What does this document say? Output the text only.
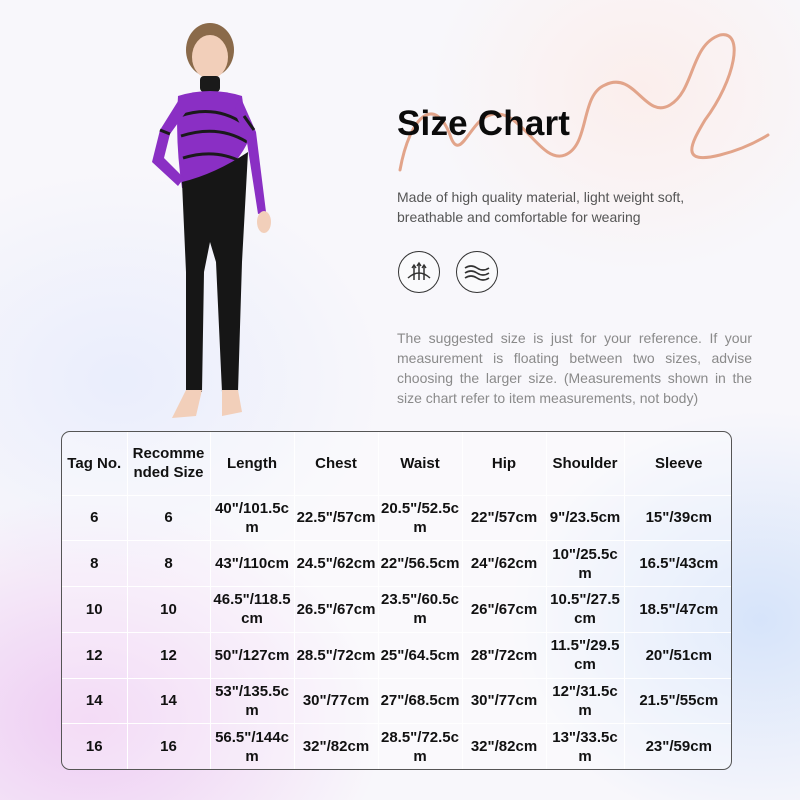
Size Chart
Made of high quality material, light weight soft, breathable and comfortable for wearing
The suggested size is just for your reference. If your measurement is floating between two sizes, advise choosing the larger size. (Measurements shown in the size chart refer to item measurements, not body)
Tag No.	Recommended Size	Length	Chest	Waist	Hip	Shoulder	Sleeve
6	6	40"/101.5cm	22.5"/57cm	20.5"/52.5cm	22"/57cm	9"/23.5cm	15"/39cm
8	8	43"/110cm	24.5"/62cm	22"/56.5cm	24"/62cm	10"/25.5cm	16.5"/43cm
10	10	46.5"/118.5cm	26.5"/67cm	23.5"/60.5cm	26"/67cm	10.5"/27.5cm	18.5"/47cm
12	12	50"/127cm	28.5"/72cm	25"/64.5cm	28"/72cm	11.5"/29.5cm	20"/51cm
14	14	53"/135.5cm	30"/77cm	27"/68.5cm	30"/77cm	12"/31.5cm	21.5"/55cm
16	16	56.5"/144cm	32"/82cm	28.5"/72.5cm	32"/82cm	13"/33.5cm	23"/59cm
